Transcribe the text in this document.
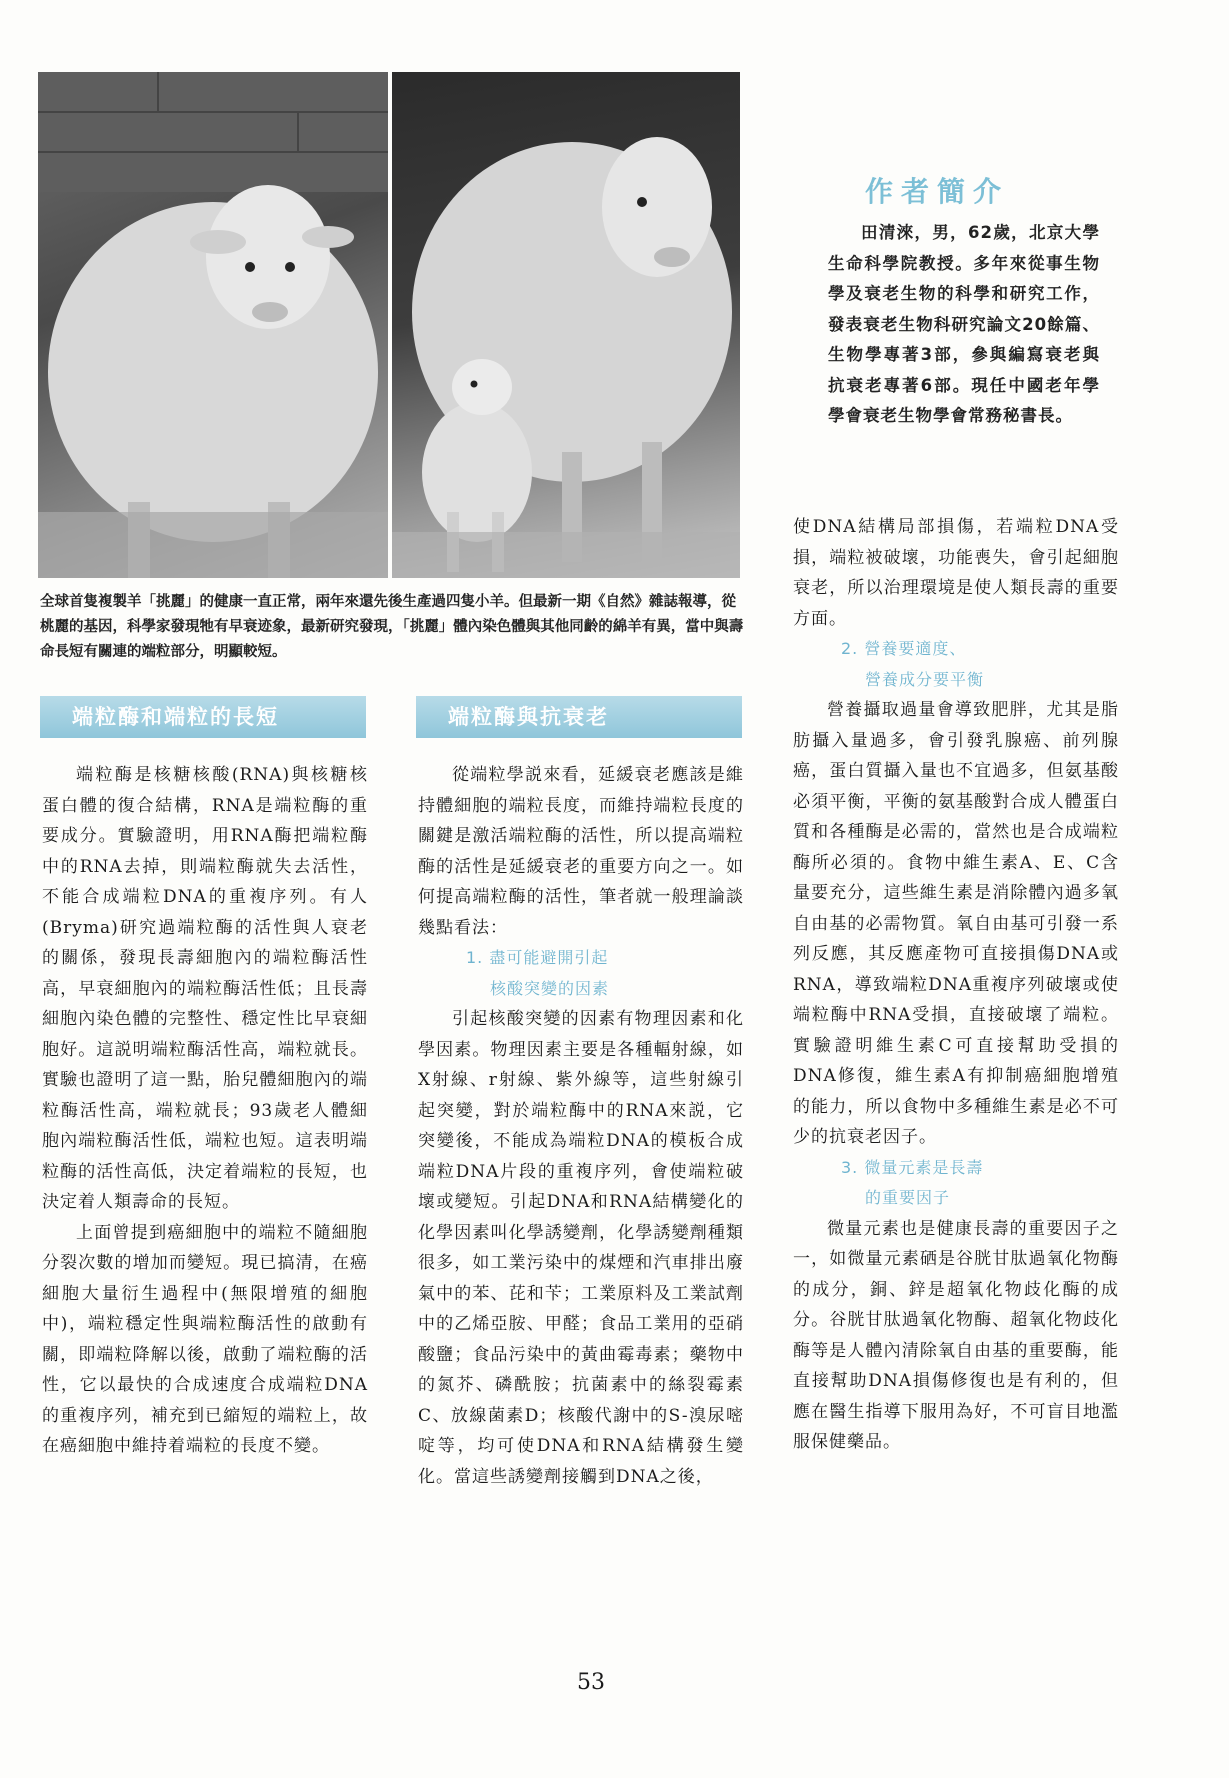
全球首隻複製羊「挑麗」的健康一直正常，兩年來還先後生產過四隻小羊。但最新一期《自然》雜誌報導，從桃麗的基因，科學家發現牠有早衰迹象，最新研究發現，「挑麗」體內染色體與其他同齡的綿羊有異，當中與壽命長短有關連的端粒部分，明顯較短。

作者簡介

田清淶，男，62歲，北京大學生命科學院教授。多年來從事生物學及衰老生物的科學和研究工作，發表衰老生物科研究論文20餘篇、生物學專著3部，參與編寫衰老與抗衰老專著6部。現任中國老年學學會衰老生物學會常務秘書長。

端粒酶和端粒的長短	端粒酶與抗衰老

端粒酶是核糖核酸(RNA)與核糖核蛋白體的復合結構，RNA是端粒酶的重要成分。實驗證明，用RNA酶把端粒酶中的RNA去掉，則端粒酶就失去活性，不能合成端粒DNA的重複序列。有人(Bryma)研究過端粒酶的活性與人衰老的關係，發現長壽細胞內的端粒酶活性高，早衰細胞內的端粒酶活性低；且長壽細胞內染色體的完整性、穩定性比早衰細胞好。這説明端粒酶活性高，端粒就長。實驗也證明了這一點，胎兒體細胞內的端粒酶活性高，端粒就長；93歲老人體細胞內端粒酶活性低，端粒也短。這表明端粒酶的活性高低，決定着端粒的長短，也決定着人類壽命的長短。

上面曾提到癌細胞中的端粒不隨細胞分裂次數的增加而變短。現已搞清，在癌細胞大量衍生過程中(無限增殖的細胞中)，端粒穩定性與端粒酶活性的啟動有關，即端粒降解以後，啟動了端粒酶的活性，它以最快的合成速度合成端粒DNA的重複序列，補充到已縮短的端粒上，故在癌細胞中維持着端粒的長度不變。

從端粒學説來看，延緩衰老應該是維持體細胞的端粒長度，而維持端粒長度的關鍵是激活端粒酶的活性，所以提高端粒酶的活性是延緩衰老的重要方向之一。如何提高端粒酶的活性，筆者就一般理論談幾點看法：

1. 盡可能避開引起
核酸突變的因素

引起核酸突變的因素有物理因素和化學因素。物理因素主要是各種輻射線，如X射線、r射線、紫外線等，這些射線引起突變，對於端粒酶中的RNA來説，它突變後，不能成為端粒DNA的模板合成端粒DNA片段的重複序列，會使端粒破壞或變短。引起DNA和RNA結構變化的化學因素叫化學誘變劑，化學誘變劑種類很多，如工業污染中的煤煙和汽車排出廢氣中的苯、芘和苄；工業原料及工業試劑中的乙烯亞胺、甲醛；食品工業用的亞硝酸鹽；食品污染中的黃曲霉毒素；藥物中的氮芥、磷酰胺；抗菌素中的絲裂霉素C、放線菌素D；核酸代謝中的S-溴尿嘧啶等，均可使DNA和RNA結構發生變化。當這些誘變劑接觸到DNA之後，

使DNA結構局部損傷，若端粒DNA受損，端粒被破壞，功能喪失，會引起細胞衰老，所以治理環境是使人類長壽的重要方面。

2. 營養要適度、
營養成分要平衡

營養攝取過量會導致肥胖，尤其是脂肪攝入量過多，會引發乳腺癌、前列腺癌，蛋白質攝入量也不宜過多，但氨基酸必須平衡，平衡的氨基酸對合成人體蛋白質和各種酶是必需的，當然也是合成端粒酶所必須的。食物中維生素A、E、C含量要充分，這些維生素是消除體內過多氧自由基的必需物質。氧自由基可引發一系列反應，其反應產物可直接損傷DNA或RNA，導致端粒DNA重複序列破壞或使端粒酶中RNA受損，直接破壞了端粒。實驗證明維生素C可直接幫助受損的DNA修復，維生素A有抑制癌細胞增殖的能力，所以食物中多種維生素是必不可少的抗衰老因子。

3. 微量元素是長壽
的重要因子

微量元素也是健康長壽的重要因子之一，如微量元素硒是谷胱甘肽過氧化物酶的成分，銅、鋅是超氧化物歧化酶的成分。谷胱甘肽過氧化物酶、超氧化物歧化酶等是人體內清除氧自由基的重要酶，能直接幫助DNA損傷修復也是有利的，但應在醫生指導下服用為好，不可盲目地濫服保健藥品。

53
